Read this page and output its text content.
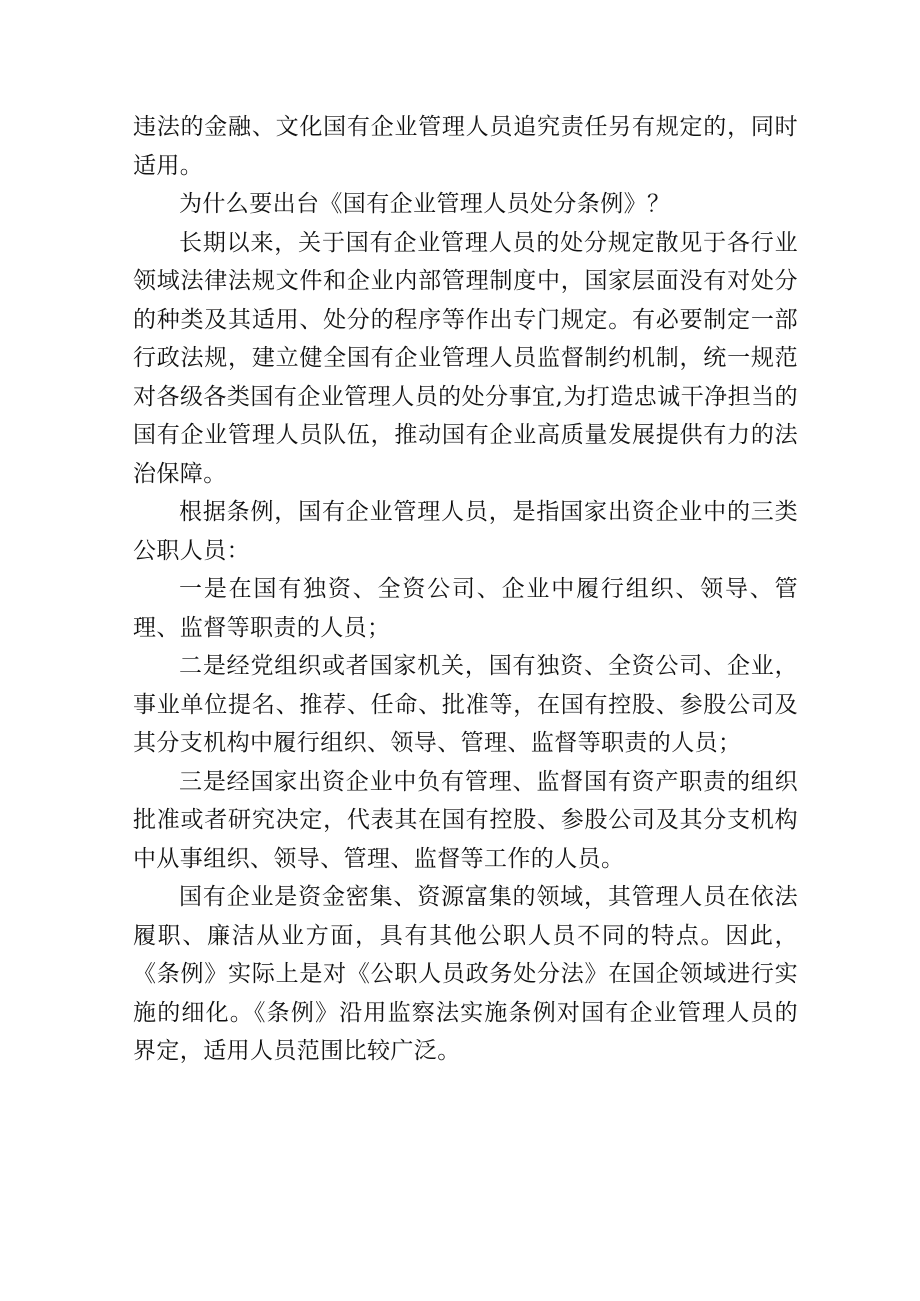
违法的金融、文化国有企业管理人员追究责任另有规定的，同时适用。

为什么要出台《国有企业管理人员处分条例》？

长期以来，关于国有企业管理人员的处分规定散见于各行业领域法律法规文件和企业内部管理制度中，国家层面没有对处分的种类及其适用、处分的程序等作出专门规定。有必要制定一部行政法规，建立健全国有企业管理人员监督制约机制，统一规范对各级各类国有企业管理人员的处分事宜,为打造忠诚干净担当的国有企业管理人员队伍，推动国有企业高质量发展提供有力的法治保障。

根据条例，国有企业管理人员，是指国家出资企业中的三类公职人员：

一是在国有独资、全资公司、企业中履行组织、领导、管理、监督等职责的人员；

二是经党组织或者国家机关，国有独资、全资公司、企业，事业单位提名、推荐、任命、批准等，在国有控股、参股公司及其分支机构中履行组织、领导、管理、监督等职责的人员；

三是经国家出资企业中负有管理、监督国有资产职责的组织批准或者研究决定，代表其在国有控股、参股公司及其分支机构中从事组织、领导、管理、监督等工作的人员。

国有企业是资金密集、资源富集的领域，其管理人员在依法履职、廉洁从业方面，具有其他公职人员不同的特点。因此，《条例》实际上是对《公职人员政务处分法》在国企领域进行实施的细化。《条例》沿用监察法实施条例对国有企业管理人员的界定，适用人员范围比较广泛。
